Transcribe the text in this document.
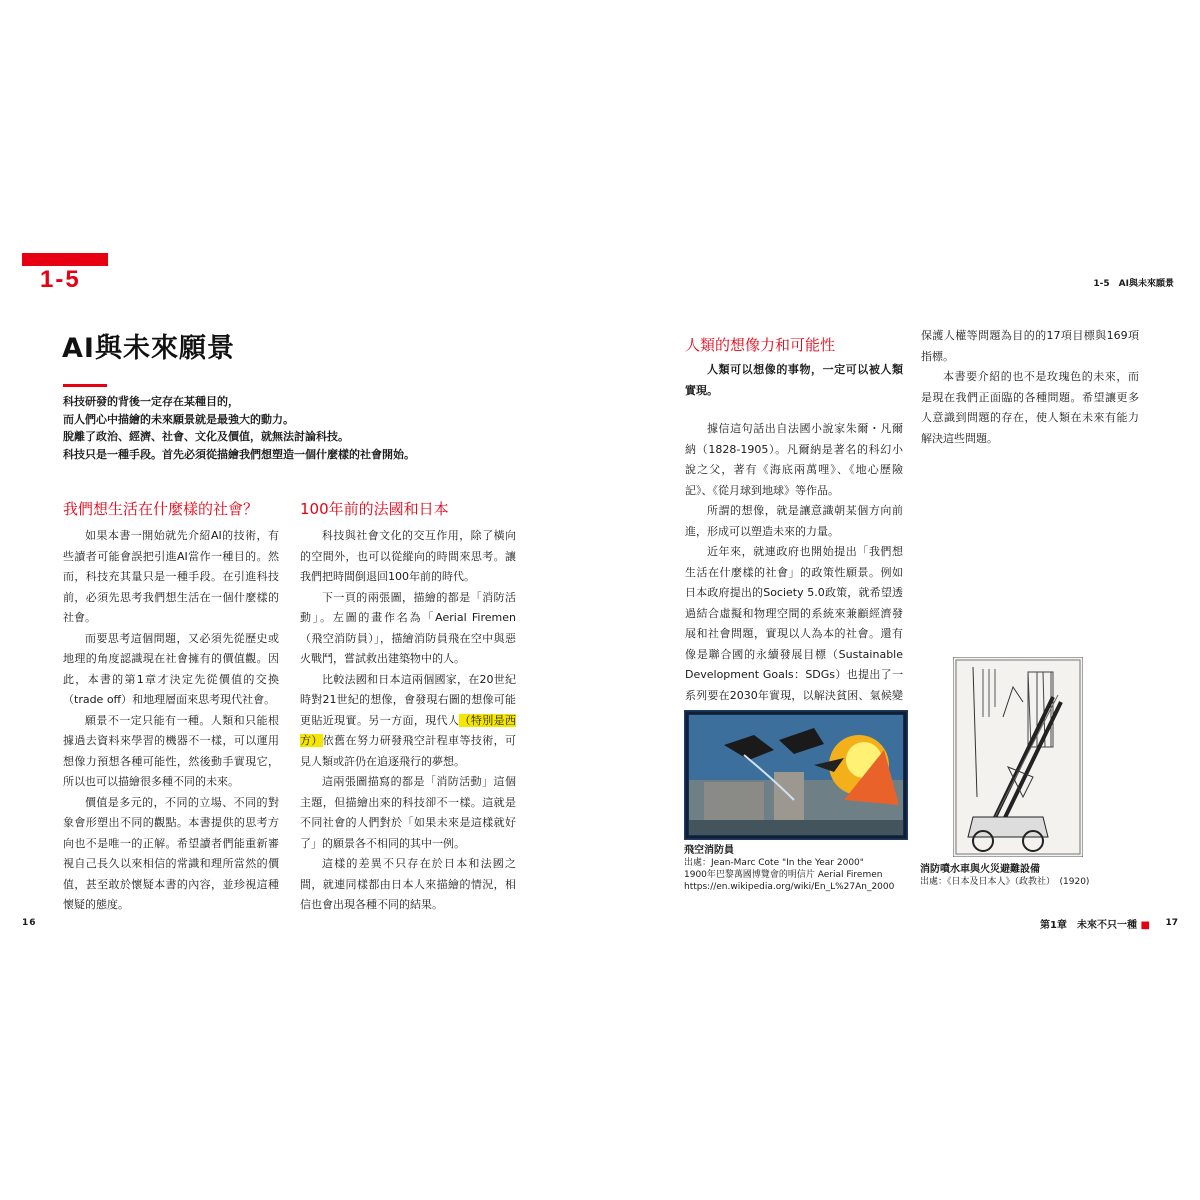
1-5
AI與未來願景

科技研發的背後一定存在某種目的，

而人們心中描繪的未來願景就是最強大的動力。

脫離了政治、經濟、社會、文化及價值，就無法討論科技。

科技只是一種手段。首先必須從描繪我們想塑造一個什麼樣的社會開始。

我們想生活在什麼樣的社會？

如果本書一開始就先介紹AI的技術，有些讀者可能會誤把引進AI當作一種目的。然而，科技充其量只是一種手段。在引進科技前，必須先思考我們想生活在一個什麼樣的社會。

而要思考這個問題，又必須先從歷史或地理的角度認識現在社會擁有的價值觀。因此，本書的第1章才決定先從價值的交換（trade off）和地理層面來思考現代社會。

願景不一定只能有一種。人類和只能根據過去資料來學習的機器不一樣，可以運用想像力預想各種可能性，然後動手實現它，所以也可以描繪很多種不同的未來。

價值是多元的，不同的立場、不同的對象會形塑出不同的觀點。本書提供的思考方向也不是唯一的正解。希望讀者們能重新審視自己長久以來相信的常識和理所當然的價值，甚至敢於懷疑本書的內容，並珍視這種懷疑的態度。

100年前的法國和日本

科技與社會文化的交互作用，除了橫向的空間外，也可以從縱向的時間來思考。讓我們把時間倒退回100年前的時代。

下一頁的兩張圖，描繪的都是「消防活動」。左圖的畫作名為「Aerial Firemen（飛空消防員）」，描繪消防員飛在空中與惡火戰鬥，嘗試救出建築物中的人。

比較法國和日本這兩個國家，在20世紀時對21世紀的想像，會發現右圖的想像可能更貼近現實。另一方面，現代人（特別是西方）依舊在努力研發飛空計程車等技術，可見人類或許仍在追逐飛行的夢想。

這兩張圖描寫的都是「消防活動」這個主題，但描繪出來的科技卻不一樣。這就是不同社會的人們對於「如果未來是這樣就好了」的願景各不相同的其中一例。

這樣的差異不只存在於日本和法國之間，就連同樣都由日本人來描繪的情況，相信也會出現各種不同的結果。

1-5　AI與未來願景
人類的想像力和可能性

人類可以想像的事物，一定可以被人類實現。

據信這句話出自法國小說家朱爾・凡爾納（1828-1905）。凡爾納是著名的科幻小說之父，著有《海底兩萬哩》、《地心歷險記》、《從月球到地球》等作品。

所謂的想像，就是讓意識朝某個方向前進，形成可以塑造未來的力量。

近年來，就連政府也開始提出「我們想生活在什麼樣的社會」的政策性願景。例如日本政府提出的Society 5.0政策，就希望透過結合虛擬和物理空間的系統來兼顧經濟發展和社會問題，實現以人為本的社會。還有像是聯合國的永續發展目標（Sustainable Development Goals：SDGs）也提出了一系列要在2030年實現，以解決貧困、氣候變

保護人權等問題為目的的17項目標與169項指標。

本書要介紹的也不是玫瑰色的未來，而是現在我們正面臨的各種問題。希望讓更多人意識到問題的存在，使人類在未來有能力解決這些問題。

飛空消防員
出處：Jean-Marc Cote "In the Year 2000"
1900年巴黎萬國博覽會的明信片 Aerial Firemen
https://en.wikipedia.org/wiki/En_L%27An_2000
消防噴水車與火災避難設備
出處：《日本及日本人》（政教社）　(1920)
16	第1章　未來不只一種 ■ 17
